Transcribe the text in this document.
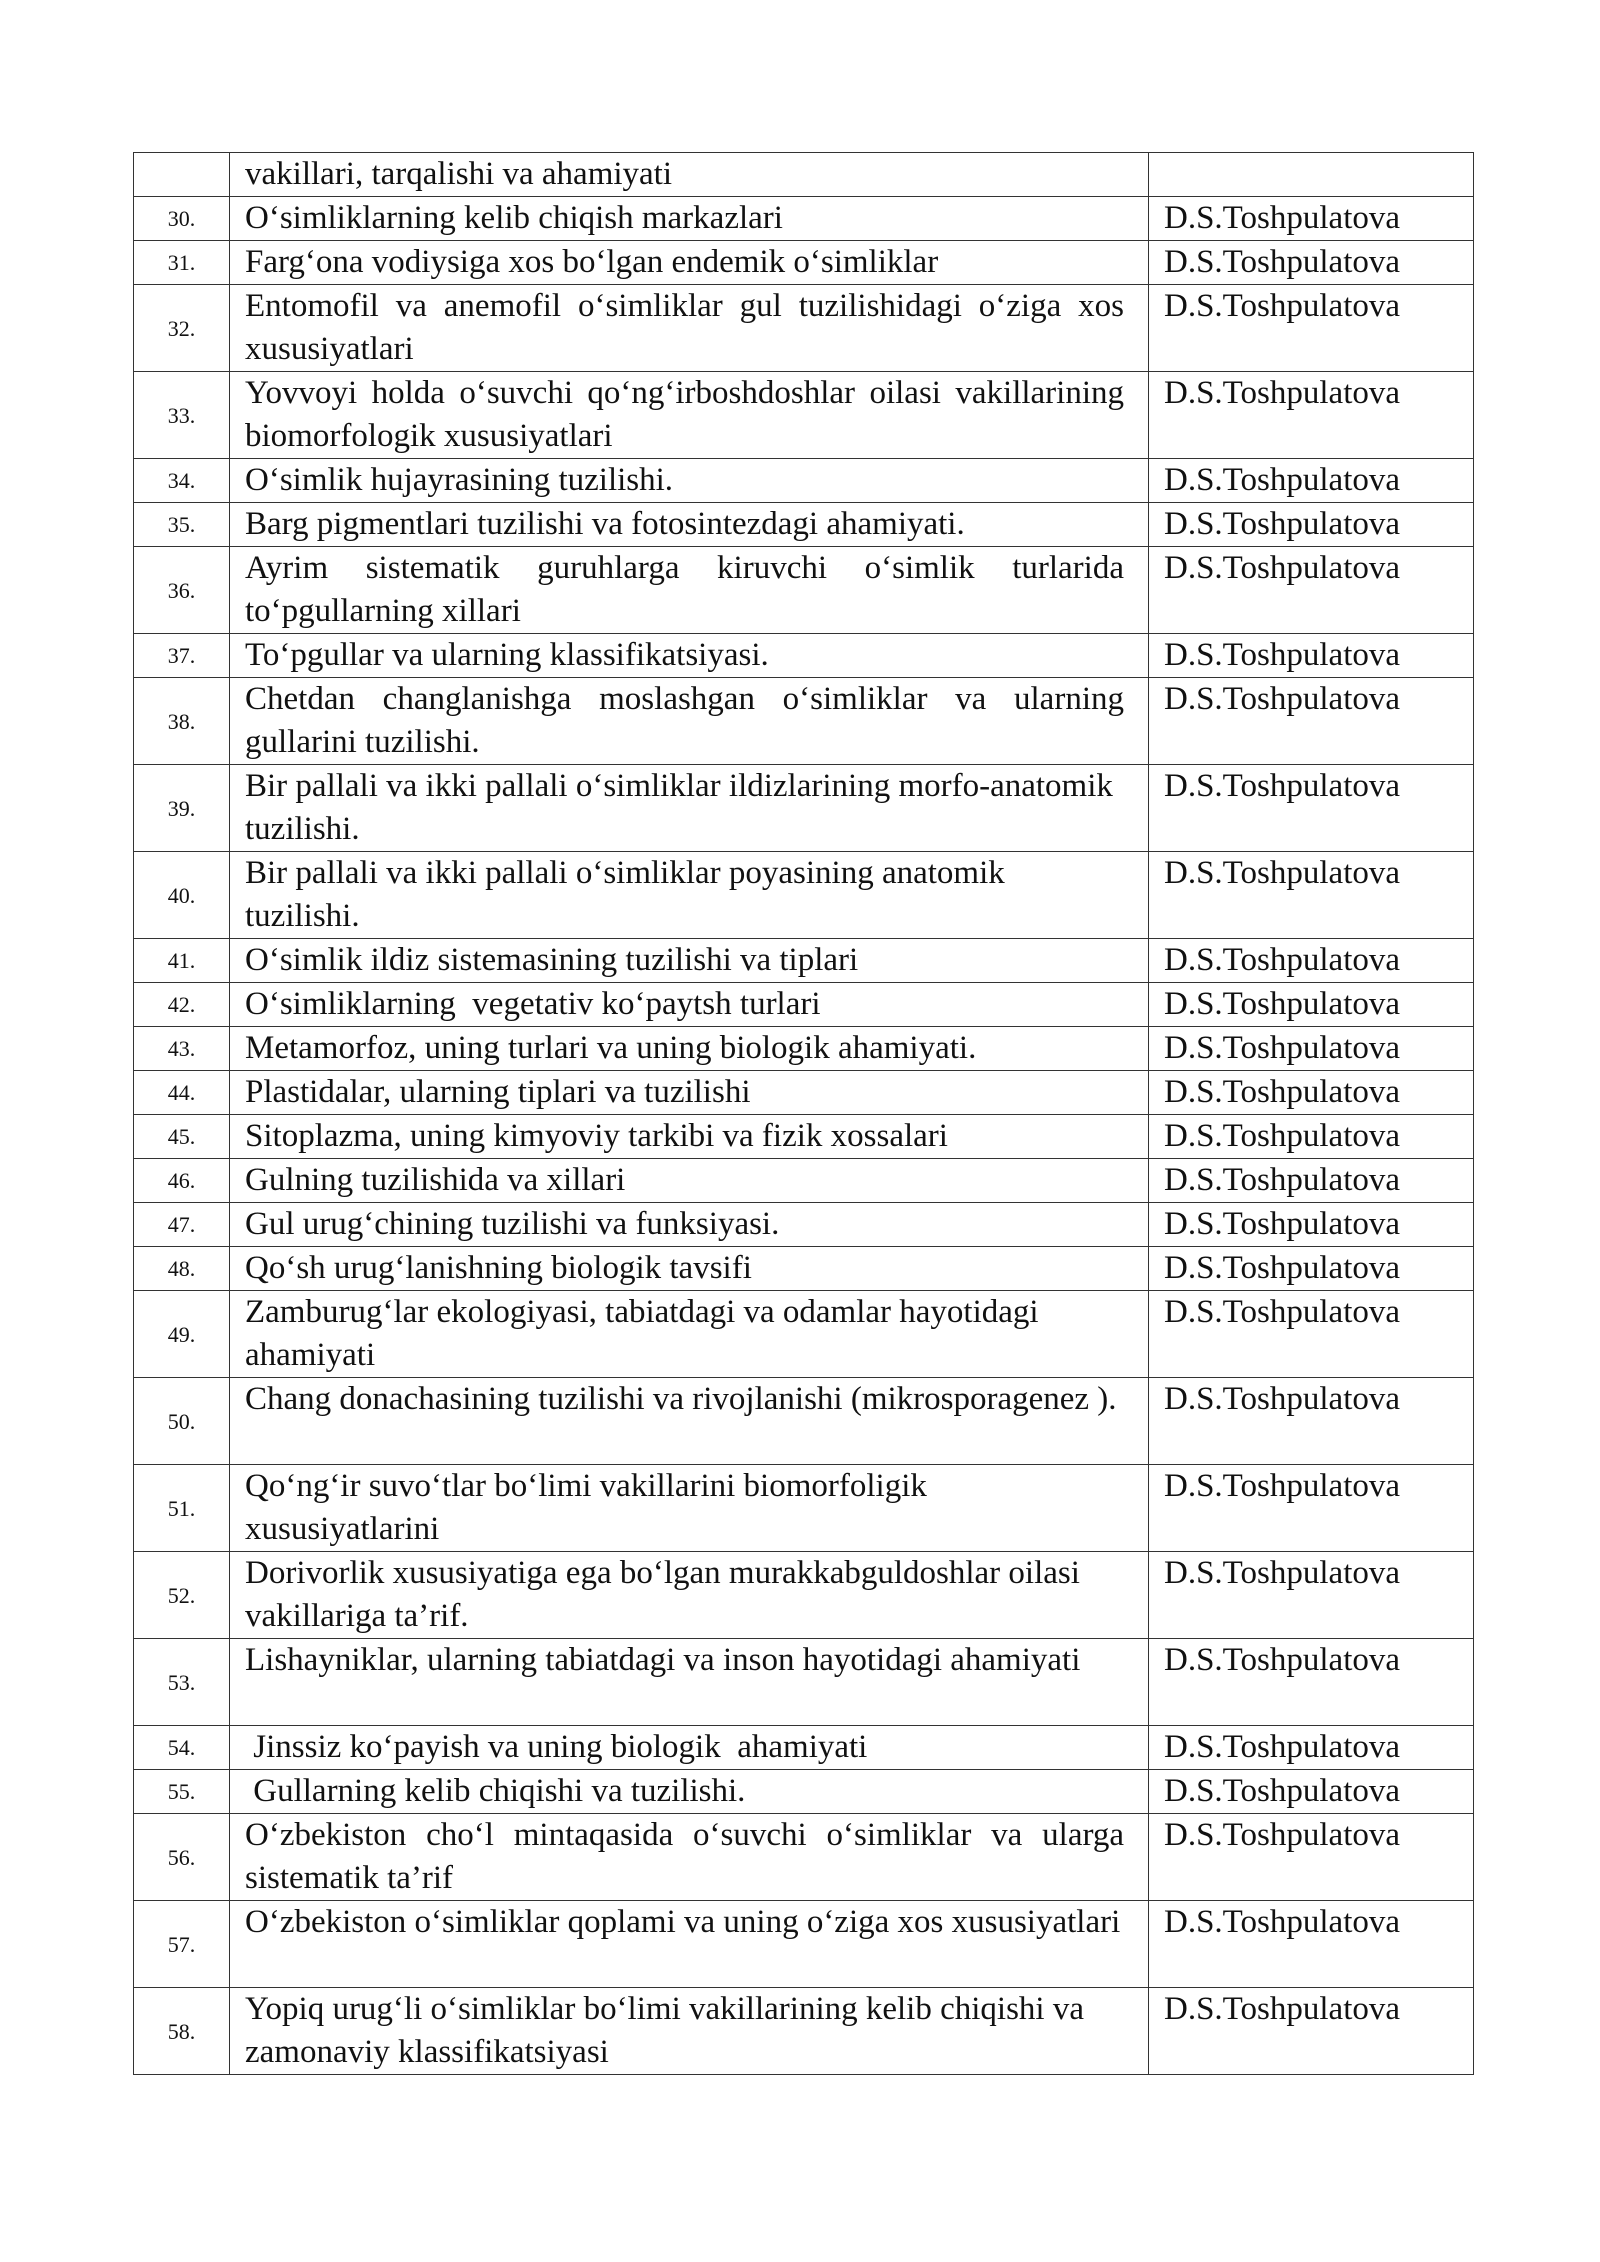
	vakillari, tarqalishi va ahamiyati	
30.	O‘simliklarning kelib chiqish markazlari	D.S.Toshpulatova
31.	Farg‘ona vodiysiga xos bo‘lgan endemik o‘simliklar	D.S.Toshpulatova
32.	Entomofil va anemofil o‘simliklar gul tuzilishidagi o‘ziga xos xususiyatlari	D.S.Toshpulatova
33.	Yovvoyi holda o‘suvchi qo‘ng‘irboshdoshlar oilasi vakillarining biomorfologik xususiyatlari	D.S.Toshpulatova
34.	O‘simlik hujayrasining tuzilishi.	D.S.Toshpulatova
35.	Barg pigmentlari tuzilishi va fotosintezdagi ahamiyati.	D.S.Toshpulatova
36.	Ayrim sistematik guruhlarga kiruvchi o‘simlik turlarida to‘pgullarning xillari	D.S.Toshpulatova
37.	To‘pgullar va ularning klassifikatsiyasi.	D.S.Toshpulatova
38.	Chetdan changlanishga moslashgan o‘simliklar va ularning gullarini tuzilishi.	D.S.Toshpulatova
39.	Bir pallali va ikki pallali o‘simliklar ildizlarining morfo-anatomik tuzilishi.	D.S.Toshpulatova
40.	Bir pallali va ikki pallali o‘simliklar poyasining anatomik tuzilishi.	D.S.Toshpulatova
41.	O‘simlik ildiz sistemasining tuzilishi va tiplari	D.S.Toshpulatova
42.	O‘simliklarning  vegetativ ko‘paytsh turlari	D.S.Toshpulatova
43.	Metamorfoz, uning turlari va uning biologik ahamiyati.	D.S.Toshpulatova
44.	Plastidalar, ularning tiplari va tuzilishi	D.S.Toshpulatova
45.	Sitoplazma, uning kimyoviy tarkibi va fizik xossalari	D.S.Toshpulatova
46.	Gulning tuzilishida va xillari	D.S.Toshpulatova
47.	Gul urug‘chining tuzilishi va funksiyasi.	D.S.Toshpulatova
48.	Qo‘sh urug‘lanishning biologik tavsifi	D.S.Toshpulatova
49.	Zamburug‘lar ekologiyasi, tabiatdagi va odamlar hayotidagi ahamiyati	D.S.Toshpulatova
50.	Chang donachasining tuzilishi va rivojlanishi (mikrosporagenez ).	D.S.Toshpulatova
51.	Qo‘ng‘ir suvo‘tlar bo‘limi vakillarini biomorfoligik xususiyatlarini	D.S.Toshpulatova
52.	Dorivorlik xususiyatiga ega bo‘lgan murakkabguldoshlar oilasi vakillariga ta’rif.	D.S.Toshpulatova
53.	Lishayniklar, ularning tabiatdagi va inson hayotidagi ahamiyati	D.S.Toshpulatova
54.	Jinssiz ko‘payish va uning biologik  ahamiyati	D.S.Toshpulatova
55.	Gullarning kelib chiqishi va tuzilishi.	D.S.Toshpulatova
56.	O‘zbekiston cho‘l mintaqasida o‘suvchi o‘simliklar va ularga sistematik ta’rif	D.S.Toshpulatova
57.	O‘zbekiston o‘simliklar qoplami va uning o‘ziga xos xususiyatlari	D.S.Toshpulatova
58.	Yopiq urug‘li o‘simliklar bo‘limi vakillarining kelib chiqishi va zamonaviy klassifikatsiyasi	D.S.Toshpulatova
